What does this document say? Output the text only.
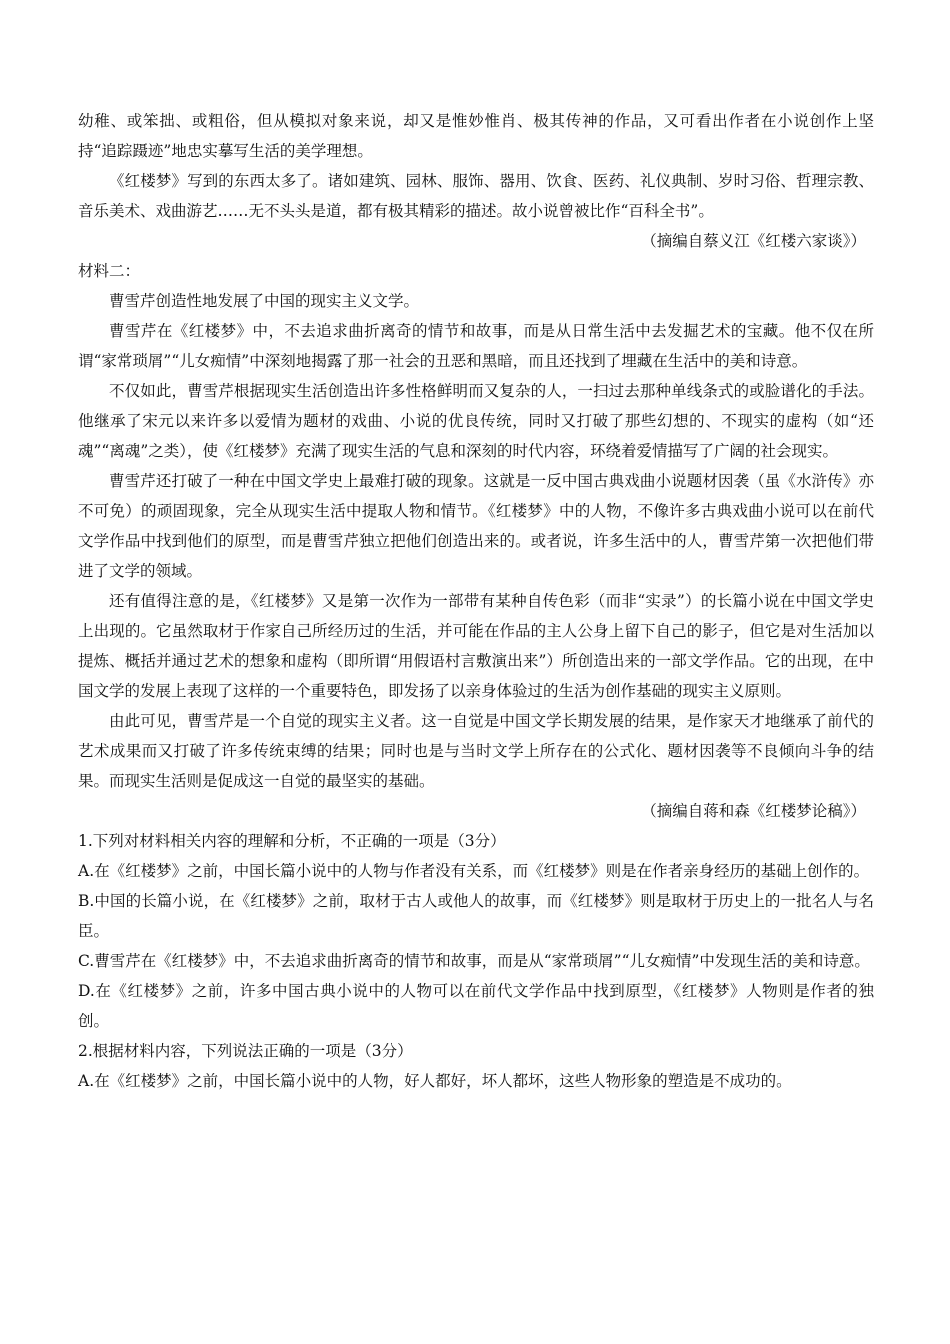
幼稚、或笨拙、或粗俗，但从模拟对象来说，却又是惟妙惟肖、极其传神的作品，又可看出作者在小说创作上坚持“追踪蹑迹”地忠实摹写生活的美学理想。

《红楼梦》写到的东西太多了。诸如建筑、园林、服饰、器用、饮食、医药、礼仪典制、岁时习俗、哲理宗教、音乐美术、戏曲游艺……无不头头是道，都有极其精彩的描述。故小说曾被比作“百科全书”。

（摘编自蔡义江《红楼六家谈》）

材料二：

曹雪芹创造性地发展了中国的现实主义文学。

曹雪芹在《红楼梦》中，不去追求曲折离奇的情节和故事，而是从日常生活中去发掘艺术的宝藏。他不仅在所谓“家常琐屑”“儿女痴情”中深刻地揭露了那一社会的丑恶和黑暗，而且还找到了埋藏在生活中的美和诗意。

不仅如此，曹雪芹根据现实生活创造出许多性格鲜明而又复杂的人，一扫过去那种单线条式的或脸谱化的手法。他继承了宋元以来许多以爱情为题材的戏曲、小说的优良传统，同时又打破了那些幻想的、不现实的虚构（如“还魂”“离魂”之类），使《红楼梦》充满了现实生活的气息和深刻的时代内容，环绕着爱情描写了广阔的社会现实。

曹雪芹还打破了一种在中国文学史上最难打破的现象。这就是一反中国古典戏曲小说题材因袭（虽《水浒传》亦不可免）的顽固现象，完全从现实生活中提取人物和情节。《红楼梦》中的人物，不像许多古典戏曲小说可以在前代文学作品中找到他们的原型，而是曹雪芹独立把他们创造出来的。或者说，许多生活中的人，曹雪芹第一次把他们带进了文学的领域。

还有值得注意的是，《红楼梦》又是第一次作为一部带有某种自传色彩（而非“实录”）的长篇小说在中国文学史上出现的。它虽然取材于作家自己所经历过的生活，并可能在作品的主人公身上留下自己的影子，但它是对生活加以提炼、概括并通过艺术的想象和虚构（即所谓“用假语村言敷演出来”）所创造出来的一部文学作品。它的出现，在中国文学的发展上表现了这样的一个重要特色，即发扬了以亲身体验过的生活为创作基础的现实主义原则。

由此可见，曹雪芹是一个自觉的现实主义者。这一自觉是中国文学长期发展的结果，是作家天才地继承了前代的艺术成果而又打破了许多传统束缚的结果；同时也是与当时文学上所存在的公式化、题材因袭等不良倾向斗争的结果。而现实生活则是促成这一自觉的最坚实的基础。

（摘编自蒋和森《红楼梦论稿》）

1.下列对材料相关内容的理解和分析，不正确的一项是（3分）

A.在《红楼梦》之前，中国长篇小说中的人物与作者没有关系，而《红楼梦》则是在作者亲身经历的基础上创作的。

B.中国的长篇小说，在《红楼梦》之前，取材于古人或他人的故事，而《红楼梦》则是取材于历史上的一批名人与名臣。

C.曹雪芹在《红楼梦》中，不去追求曲折离奇的情节和故事，而是从“家常琐屑”“儿女痴情”中发现生活的美和诗意。

D.在《红楼梦》之前，许多中国古典小说中的人物可以在前代文学作品中找到原型，《红楼梦》人物则是作者的独创。

2.根据材料内容，下列说法正确的一项是（3分）

A.在《红楼梦》之前，中国长篇小说中的人物，好人都好，坏人都坏，这些人物形象的塑造是不成功的。
